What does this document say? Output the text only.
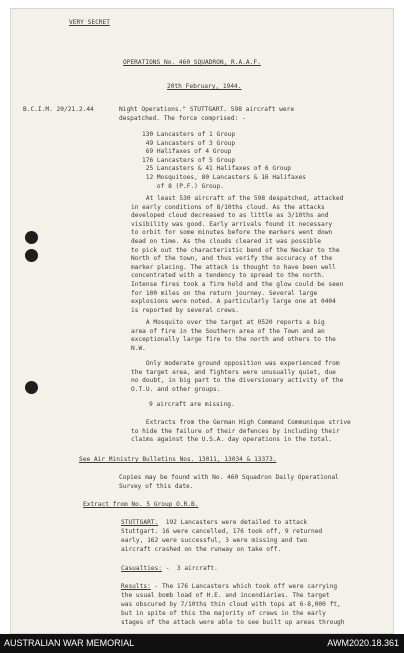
VERY SECRET
OPERATIONS No. 460 SQUADRON, R.A.A.F.
20th February, 1944.
B.C.I.M. 20/21.2.44	Night Operations." STUTTGART. 598 aircraft were
despatched. The force comprised: -
130 Lancasters of 1 Group
49 Lancasters of 3 Group
69 Halifaxes of 4 Group
176 Lancasters of 5 Group
25 Lancasters & 41 Halifaxes of 6 Group
12 Mosquitoes, 80 Lancasters & 16 Halifaxes
of 8 (P.F.) Group.

At least 530 aircraft of the 598 despatched, attacked

in early conditions of 8/10ths cloud. As the attacks

developed cloud decreased to as little as 3/10ths and

visibility was good. Early arrivals found it necessary

to orbit for some minutes before the markers went down

dead on time. As the clouds cleared it was possible

to pick out the characteristic bend of the Neckar to the

North of the town, and thus verify the accuracy of the

marker placing. The attack is thought to have been well

concentrated with a tendency to spread to the north.

Intense fires took a firm hold and the glow could be seen

for 100 miles on the return journey. Several large

explosions were noted. A particularly large one at 0404

is reported by several crews.

A Mosquito over the target at 0520 reports a big

area of fire in the Southern area of the Town and an

exceptionally large fire to the north and others to the

N.W.

Only moderate ground opposition was experienced from

the target area, and fighters were unusually quiet, due

no doubt, in big part to the diversionary activity of the

O.T.U. and other groups.

9 aircraft are missing.

Extracts from the German High Command Communique strive

to hide the failure of their defences by including their

claims against the U.S.A. day operations in the total.

See Air Ministry Bulletins Nos. 13011, 13034 & 13373.
Copies may be found with No. 460 Squadron Daily Operational
Survey of this date.
Extract from No. 5 Group O.R.B.
STUTTGART.  192 Lancasters were detailed to attack
Stuttgart. 16 were cancelled, 176 took off, 9 returned
early, 162 were successful, 3 were missing and two
aircraft crashed on the runway on take off.
Casualties: -  3 aircraft.
Results: - The 176 Lancasters which took off were carrying
the usual bomb load of H.E. and incendiaries. The target
was obscured by 7/10ths thin cloud with tops at 6-8,000 ft,
but in spite of this the majority of crews in the early
stages of the attack were able to see built up areas through
AUSTRALIAN WAR MEMORIAL	AWM2020.18.361
